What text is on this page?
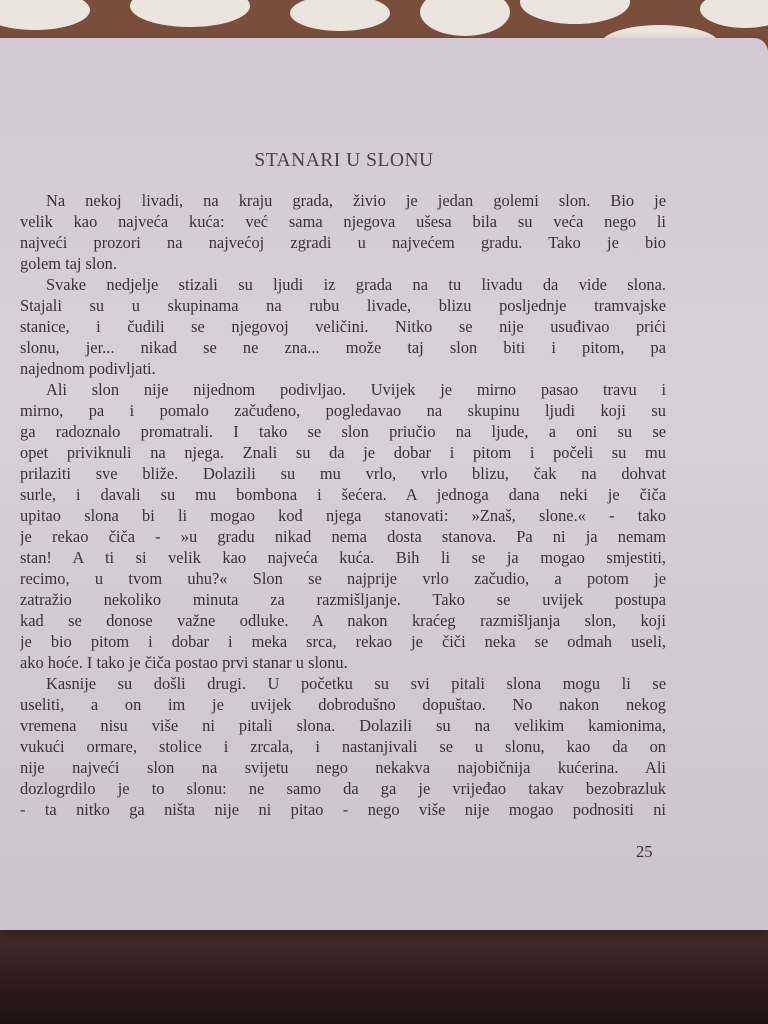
STANARI U SLONU
Na nekoj livadi, na kraju grada, živio je jedan golemi slon. Bio je
velik kao najveća kuća: već sama njegova ušesa bila su veća nego li
najveći prozori na najvećoj zgradi u najvećem gradu. Tako je bio
golem taj slon.
Svake nedjelje stizali su ljudi iz grada na tu livadu da vide slona.
Stajali su u skupinama na rubu livade, blizu posljednje tramvajske
stanice, i čudili se njegovoj veličini. Nitko se nije usuđivao prići
slonu, jer... nikad se ne zna... može taj slon biti i pitom, pa
najednom podivljati.
Ali slon nije nijednom podivljao. Uvijek je mirno pasao travu i
mirno, pa i pomalo začuđeno, pogledavao na skupinu ljudi koji su
ga radoznalo promatrali. I tako se slon priučio na ljude, a oni su se
opet priviknuli na njega. Znali su da je dobar i pitom i počeli su mu
prilaziti sve bliže. Dolazili su mu vrlo, vrlo blizu, čak na dohvat
surle, i davali su mu bombona i šećera. A jednoga dana neki je čiča
upitao slona bi li mogao kod njega stanovati: »Znaš, slone.« - tako
je rekao čiča - »u gradu nikad nema dosta stanova. Pa ni ja nemam
stan! A ti si velik kao najveća kuća. Bih li se ja mogao smjestiti,
recimo, u tvom uhu?« Slon se najprije vrlo začudio, a potom je
zatražio nekoliko minuta za razmišljanje. Tako se uvijek postupa
kad se donose važne odluke. A nakon kraćeg razmišljanja slon, koji
je bio pitom i dobar i meka srca, rekao je čiči neka se odmah useli,
ako hoće. I tako je čiča postao prvi stanar u slonu.
Kasnije su došli drugi. U početku su svi pitali slona mogu li se
useliti, a on im je uvijek dobrodušno dopuštao. No nakon nekog
vremena nisu više ni pitali slona. Dolazili su na velikim kamionima,
vukući ormare, stolice i zrcala, i nastanjivali se u slonu, kao da on
nije najveći slon na svijetu nego nekakva najobičnija kućerina. Ali
dozlogrdilo je to slonu: ne samo da ga je vrijeđao takav bezobrazluk
- ta nitko ga ništa nije ni pitao - nego više nije mogao podnositi ni
25
